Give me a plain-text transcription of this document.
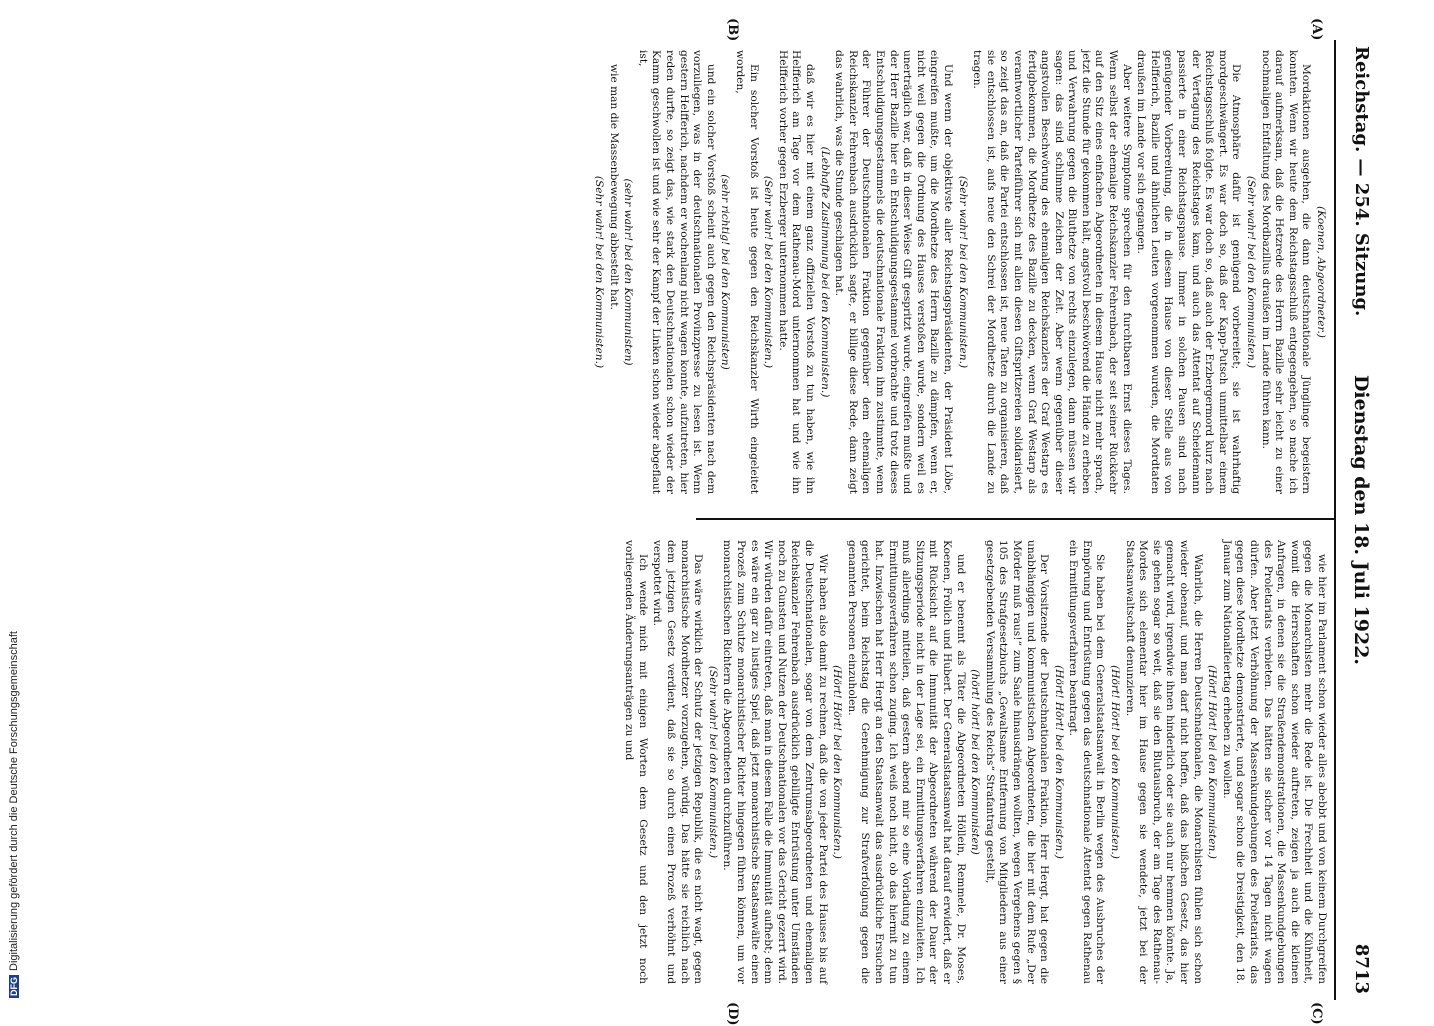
Reichstag. — 254. Sitzung.
Dienstag den 18. Juli 1922.
8713
(A)
(B)
(C)
(D)

(Koenen, Abgeordneter.)

Mordaktionen ausgehen, die dann deutschnationale Jünglinge begeistern konnten. Wenn wir heute dem Reichstagsschluß entgegengehen, so mache ich darauf aufmerksam, daß die Hetzrede des Herrn Bazille sehr leicht zu einer nochmaligen Entfaltung des Mordbazillus draußen im Lande führen kann.

(Sehr wahr! bei den Kommunisten.)

Die Atmosphäre dafür ist genügend vorbereitet; sie ist wahrhaftig mordgeschwängert. Es war doch so, daß der Kapp-Putsch unmittelbar einem Reichstagsschluß folgte. Es war doch so, daß auch der Erzbergermord kurz nach der Vertagung des Reichstages kam, und auch das Attentat auf Scheidemann passierte in einer Reichstagspause. Immer in solchen Pausen sind nach genügender Vorbereitung, die in diesem Hause von dieser Stelle aus von Helfferich, Bazille und ähnlichen Leuten vorgenommen wurden, die Mordtaten draußen im Lande vor sich gegangen.

Aber weitere Symptome sprechen für den furchtbaren Ernst dieses Tages. Wenn selbst der ehemalige Reichskanzler Fehrenbach, der seit seiner Rückkehr auf den Sitz eines einfachen Abgeordneten in diesem Hause nicht mehr sprach, jetzt die Stunde für gekommen hält, angstvoll beschwörend die Hände zu erheben und Verwahrung gegen die Bluthetze von rechts einzulegen, dann müssen wir sagen: das sind schlimme Zeichen der Zeit. Aber wenn gegenüber dieser angstvollen Beschwörung des ehemaligen Reichskanzlers der Graf Westarp es fertigbekommen, die Mordhetze des Bazille zu decken, wenn Graf Westarp als verantwortlicher Parteiführer sich mit allen diesen Giftspritzereien solidarisiert, so zeigt das an, daß die Partei entschlossen ist, neue Taten zu organisieren, daß sie entschlossen ist, aufs neue den Schrei der Mordhetze durch die Lande zu tragen.

(Sehr wahr! bei den Kommunisten.)

Und wenn der objektivste aller Reichstagspräsidenten, der Präsident Löbe, eingreifen mußte, um die Mordhetze des Herrn Bazille zu dämpfen, wenn er, nicht weil gegen die Ordnung des Hauses verstoßen wurde, sondern weil es unerträglich war, daß in dieser Weise Gift gespritzt wurde, eingreifen mußte und der Herr Bazille hier ein Entschuldigungsgestammel vorbrachte und trotz dieses Entschuldigungsgestammels die deutschnationale Fraktion ihm zustimmte, wenn der Führer der Deutschnationalen Fraktion gegenüber dem ehemaligen Reichskanzler Fehrenbach ausdrücklich sagte, er billige diese Rede, dann zeigt das wahrlich, was die Stunde geschlagen hat.

(Lebhafte Zustimmung bei den Kommunisten.)

daß wir es hier mit einem ganz offiziellen Vorstoß zu tun haben, wie ihn Helfferich am Tage vor dem Rathenau-Mord unternommen hat und wie ihn Helfferich vorher gegen Erzberger unternommen hatte.

(Sehr wahr! bei den Kommunisten.)

Ein solcher Vorstoß ist heute gegen den Reichskanzler Wirth eingeleitet worden,

(sehr richtig! bei den Kommunisten)

und ein solcher Vorstoß scheint auch gegen den Reichspräsidenten nach dem vorzuliegen, was in der deutschnationalen Provinzpresse zu lesen ist. Wenn gestern Helfferich, nachdem er wochenlang nicht wagen konnte, aufzutreten, hier reden durfte, so zeigt das, wie stark den Deutschnationalen schon wieder der Kamm geschwollen ist und wie sehr der Kampf der Linken schon wieder abgeflaut ist,

(sehr wahr! bei den Kommunisten)

wie man die Massenbewegung abbestellt hat.

(Sehr wahr! bei den Kommunisten.)

wie hier im Parlament schon wieder alles abebbt und von keinem Durchgreifen gegen die Monarchisten mehr die Rede ist. Die Frechheit und die Kühnheit, womit die Herrschaften schon wieder auftreten, zeigen ja auch die kleinen Anfragen, in denen sie die Straßendemonstrationen, die Massenkundgebungen des Proletariats verbieten. Das hätten sie sicher vor 14 Tagen nicht wagen dürfen. Aber jetzt Verhöhnung der Massenkundgebungen des Proletariats, das gegen diese Mordhetze demonstrierte, und sogar schon die Dreistigkeit, den 18. Januar zum Nationalfeiertag erheben zu wollen.

(Hört! Hört! bei den Kommunisten.)

Wahrlich, die Herren Deutschnationalen, die Monarchisten fühlen sich schon wieder obenauf, und man darf nicht hoffen, daß das bißchen Gesetz, das hier gemacht wird, irgendwie ihnen hinderlich oder sie auch nur hemmen könnte. Ja, sie gehen sogar so weit, daß sie den Blutausbruch, der am Tage des Rathenau-Mordes sich elementar hier im Hause gegen sie wendete, jetzt bei der Staatsanwaltschaft denunzieren.

(Hört! Hört! bei den Kommunisten.)

Sie haben bei dem Generalstaatsanwalt in Berlin wegen des Ausbruches der Empörung und Entrüstung gegen das deutschnationale Attentat gegen Rathenau ein Ermittlungsverfahren beantragt.

(Hört! Hört! bei den Kommunisten.)

Der Vorsitzende der Deutschnationalen Fraktion, Herr Hergt, hat gegen die unabhängigen und kommunistischen Abgeordneten, die hier mit dem Rufe „Der Mörder muß raus!“ zum Saale hinausdrängen wollten, wegen Vergehens gegen § 105 des Strafgesetzbuchs „Gewaltsame Entfernung von Mitgliedern aus einer gesetzgebenden Versammlung des Reichs“ Strafantrag gestellt,

(hört! hört! bei den Kommunisten)

und er benennt als Täter die Abgeordneten Höllein, Remmele, Dr. Moses, Koenen, Frölich und Hubert. Der Generalstaatsanwalt hat darauf erwidert, daß er mit Rücksicht auf die Immunität der Abgeordneten während der Dauer der Sitzungsperiode nicht in der Lage sei, ein Ermittlungsverfahren einzuleiten. Ich muß allerdings mitteilen, daß gestern abend mir so eine Vorladung zu einem Ermittlungsverfahren schon zuging. Ich weiß noch nicht, ob das hiermit zu tun hat. Inzwischen hat Herr Hergt an den Staatsanwalt das ausdrückliche Ersuchen gerichtet, beim Reichstag die Genehmigung zur Strafverfolgung gegen die genannten Personen einzuholen.

(Hört! Hört! bei den Kommunisten.)

Wir haben also damit zu rechnen, daß die von jeder Partei des Hauses bis auf die Deutschnationalen, sogar von dem Zentrumsabgeordneten und ehemaligen Reichskanzler Fehrenbach ausdrücklich gebilligte Entrüstung unter Umständen noch zu Gunsten und Nutzen der Deutschnationalen vor das Gericht gezerrt wird. Wir würden dafür eintreten, daß man in diesem Falle die Immunität aufhebt; denn es wäre ein gar zu lustiges Spiel, daß jetzt monarchistische Staatsanwälte einen Prozeß zum Schutze monarchistischer Richter hingegen führen können, um vor monarchistischen Richtern die Abgeordneten durchzuführen.

(Sehr wahr! bei den Kommunisten.)

Das wäre wirklich der Schutz der jetzigen Republik, die es nicht wagt, gegen monarchistische Mordhetzer vorzugehen, würdig. Das hätte sie reichlich nach dem jetzigen Gesetz verdient, daß sie so durch einen Prozeß verhöhnt und verspottet wird.

Ich wende mich mit einigen Worten dem Gesetz und den jetzt noch vorliegenden Änderungsanträgen zu und

DFGDigitalisierung gefördert durch die Deutsche Forschungsgemeinschaft
